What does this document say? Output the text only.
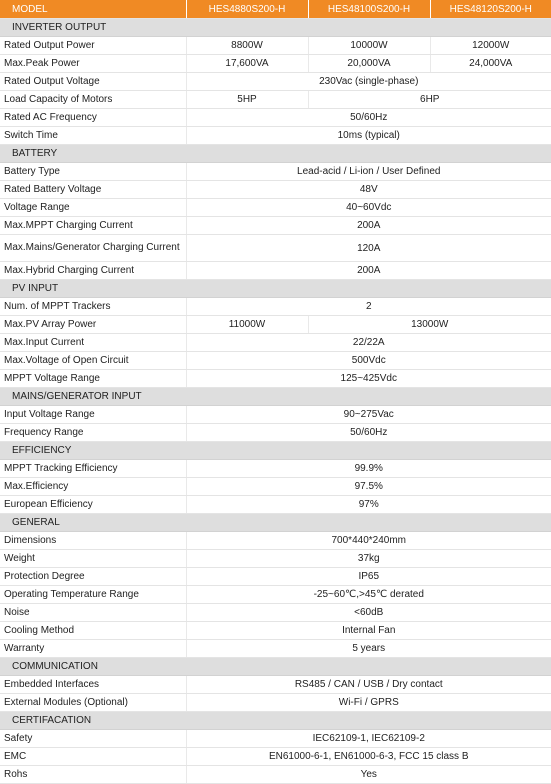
MODEL	HES4880S200-H	HES48100S200-H	HES48120S200-H
INVERTER OUTPUT			
Rated Output Power	8800W	10000W	12000W
Max.Peak Power	17,600VA	20,000VA	24,000VA
Rated Output Voltage	230Vac (single-phase)		
Load Capacity of Motors	5HP	6HP	
Rated AC Frequency	50/60Hz		
Switch Time	10ms (typical)		
BATTERY			
Battery Type	Lead-acid / Li-ion / User Defined		
Rated Battery Voltage	48V		
Voltage Range	40~60Vdc		
Max.MPPT Charging Current	200A		
Max.Mains/Generator Charging Current	120A		
Max.Hybrid Charging Current	200A		
PV INPUT			
Num. of MPPT Trackers	2		
Max.PV Array Power	11000W	13000W	
Max.Input Current	22/22A		
Max.Voltage of Open Circuit	500Vdc		
MPPT Voltage Range	125~425Vdc		
MAINS/GENERATOR INPUT			
Input Voltage Range	90~275Vac		
Frequency Range	50/60Hz		
EFFICIENCY			
MPPT Tracking Efficiency	99.9%		
Max.Efficiency	97.5%		
European Efficiency	97%		
GENERAL			
Dimensions	700*440*240mm		
Weight	37kg		
Protection Degree	IP65		
Operating Temperature Range	-25~60℃,>45℃ derated		
Noise	<60dB		
Cooling Method	Internal Fan		
Warranty	5 years		
COMMUNICATION			
Embedded Interfaces	RS485 / CAN / USB / Dry contact		
External Modules (Optional)	Wi-Fi / GPRS		
CERTIFACATION			
Safety	IEC62109-1, IEC62109-2		
EMC	EN61000-6-1, EN61000-6-3, FCC 15 class B		
Rohs	Yes		
